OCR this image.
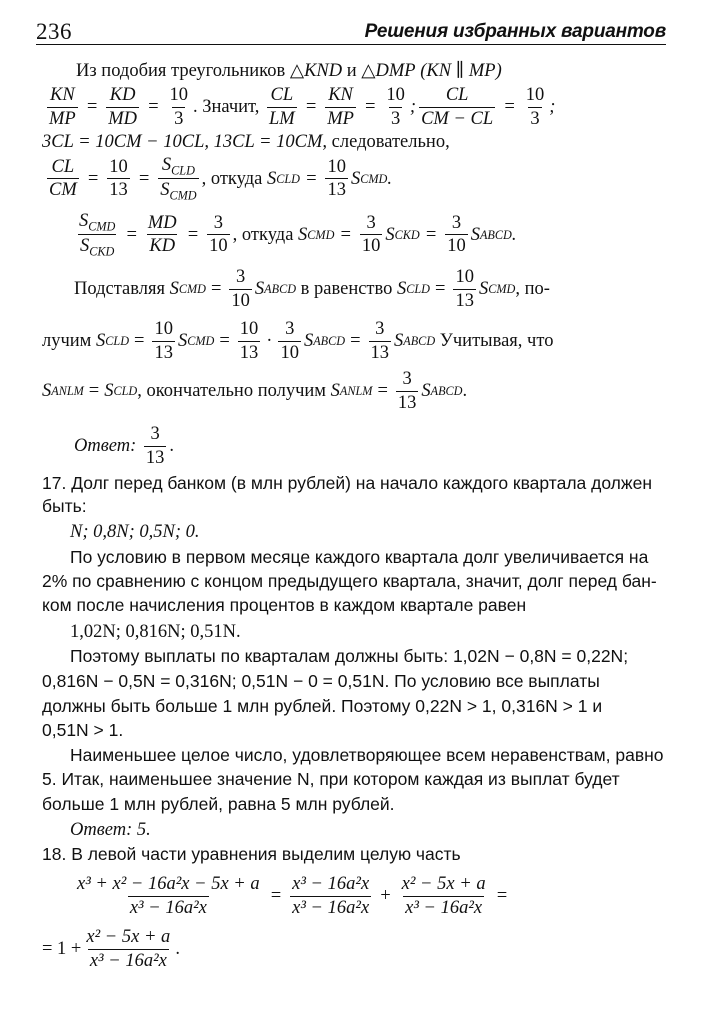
236	Решения избранных вариантов
Из подобия треугольников
△KND
и
△DMP
(KN ∥ MP)
$\frac{KN}{MP} = \frac{KD}{MD} = \frac{10}{3}$ . Значит,
$\frac{CL}{LM} = \frac{KN}{MP} = \frac{10}{3}$ ; $\frac{CL}{CM - CL} = \frac{10}{3}$ ;
3CL = 10CM − 10CL, 13CL = 10CM,
следовательно,
$\frac{CL}{CM} = \frac{10}{13}$ =
$S_{CLD}$
$S_{CMD}$
, откуда
S CLD = $\frac{10}{13}$ S CMD .
$S_{CMD}$
$S_{CKD}$
= $\frac{MD}{KD} = \frac{3}{10}$ , откуда
S CMD = $\frac{3}{10}$ S CKD = $\frac{3}{10}$ S ABCD .
Подставляя
S CMD = $\frac{3}{10}$ S ABCD
в равенство
S CLD = $\frac{10}{13}$ S CMD , по-
лучим
S CLD = $\frac{10}{13}$ S CMD = $\frac{10}{13} \cdot \frac{3}{10}$ S ABCD = $\frac{3}{13}$ S ABCD
Учитывая, что
S ANLM = S CLD , окончательно получим
S ANLM = $\frac{3}{13}$ S ABCD .
Ответ:
$\frac{3}{13}$ .
17. Долг перед банком (в млн рублей) на начало каждого квартала должен
быть:
N; 0,8N; 0,5N; 0.
По условию в первом месяце каждого квартала долг увеличивается на
2% по сравнению с концом предыдущего квартала, значит, долг перед бан-
ком после начисления процентов в каждом квартале равен
1,02N; 0,816N; 0,51N.
Поэтому выплаты по кварталам должны быть: 1,02N − 0,8N = 0,22N;
0,816N − 0,5N = 0,316N; 0,51N − 0 = 0,51N. По условию все выплаты
должны быть больше 1 млн рублей. Поэтому 0,22N > 1, 0,316N > 1 и
0,51N > 1.
Наименьшее целое число, удовлетворяющее всем неравенствам, равно
5. Итак, наименьшее значение N, при котором каждая из выплат будет
больше 1 млн рублей, равна 5 млн рублей.
Ответ: 5.
18. В левой части уравнения выделим целую часть
$\frac{\text{x³ + x² − 16a²x − 5x + a}}{\text{x³ − 16a²x}} = \frac{\text{x³ − 16a²x}}{\text{x³ − 16a²x}} + \frac{\text{x² − 5x + a}}{\text{x³ − 16a²x}}$ =
= $1 + \frac{\text{x² − 5x + a}}{\text{x³ − 16a²x}}$ .
